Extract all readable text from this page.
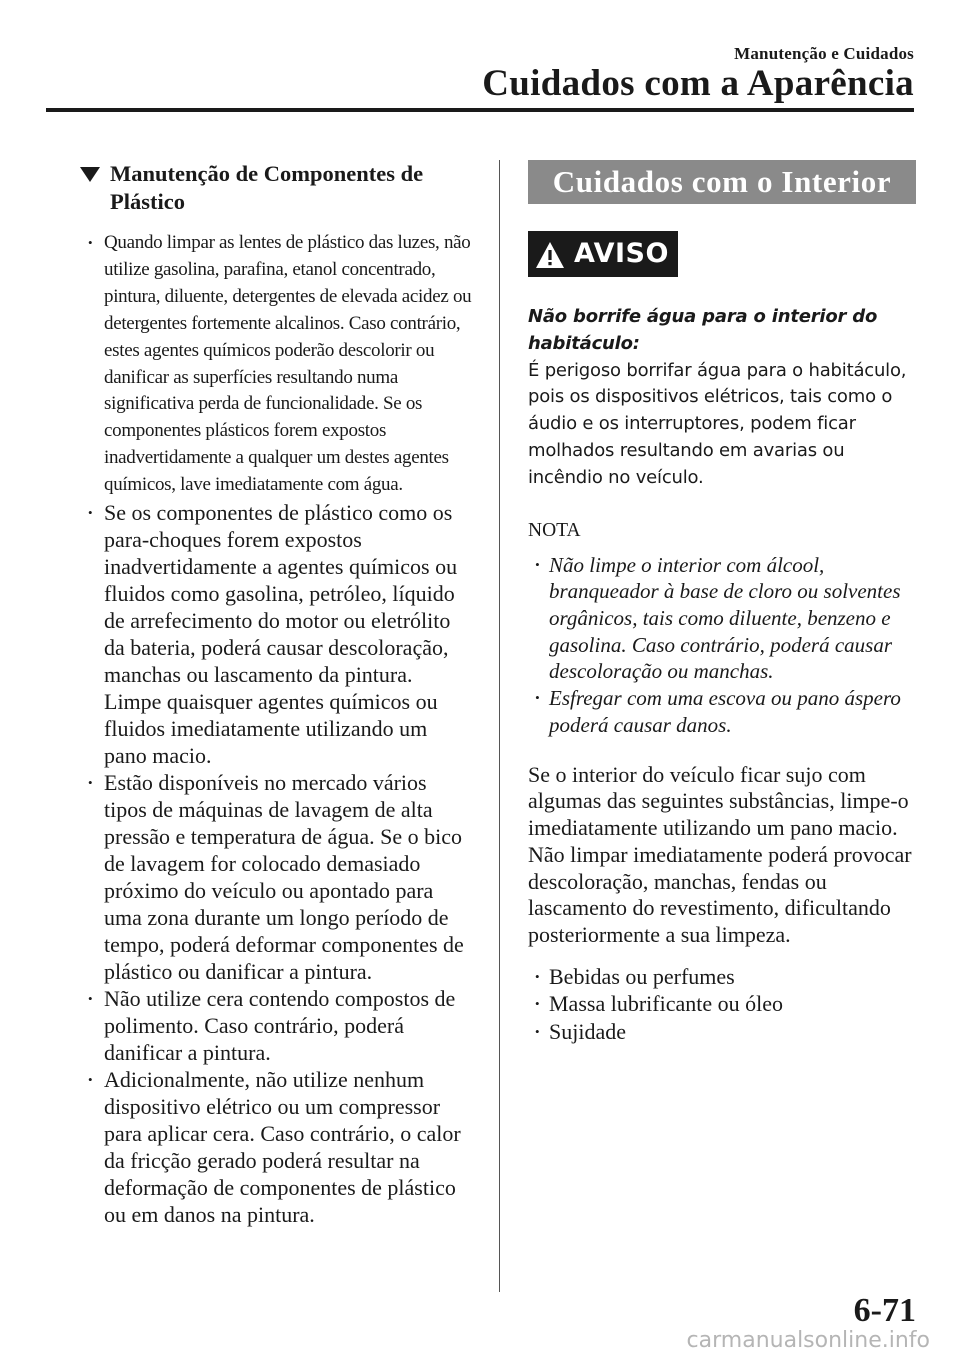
Manutenção e Cuidados
Cuidados com a Aparência
Manutenção de Componentes de Plástico
• Quando limpar as lentes de plástico das luzes, não utilize gasolina, parafina, etanol concentrado, pintura, diluente, detergentes de elevada acidez ou detergentes fortemente alcalinos. Caso contrário, estes agentes químicos poderão descolorir ou danificar as superfícies resultando numa significativa perda de funcionalidade. Se os componentes plásticos forem expostos inadvertidamente a qualquer um destes agentes químicos, lave imediatamente com água.
• Se os componentes de plástico como os para-choques forem expostos inadvertidamente a agentes químicos ou fluidos como gasolina, petróleo, líquido de arrefecimento do motor ou eletrólito da bateria, poderá causar descoloração, manchas ou lascamento da pintura. Limpe quaisquer agentes químicos ou fluidos imediatamente utilizando um pano macio.
• Estão disponíveis no mercado vários tipos de máquinas de lavagem de alta pressão e temperatura de água. Se o bico de lavagem for colocado demasiado próximo do veículo ou apontado para uma zona durante um longo período de tempo, poderá deformar componentes de plástico ou danificar a pintura.
• Não utilize cera contendo compostos de polimento. Caso contrário, poderá danificar a pintura.
• Adicionalmente, não utilize nenhum dispositivo elétrico ou um compressor para aplicar cera. Caso contrário, o calor da fricção gerado poderá resultar na deformação de componentes de plástico ou em danos na pintura.
Cuidados com o Interior
AVISO
Não borrife água para o interior do habitáculo:
É perigoso borrifar água para o habitáculo, pois os dispositivos elétricos, tais como o áudio e os interruptores, podem ficar molhados resultando em avarias ou incêndio no veículo.
NOTA
• Não limpe o interior com álcool, branqueador à base de cloro ou solventes orgânicos, tais como diluente, benzeno e gasolina. Caso contrário, poderá causar descoloração ou manchas.
• Esfregar com uma escova ou pano áspero poderá causar danos.
Se o interior do veículo ficar sujo com algumas das seguintes substâncias, limpe-o imediatamente utilizando um pano macio. Não limpar imediatamente poderá provocar descoloração, manchas, fendas ou lascamento do revestimento, dificultando posteriormente a sua limpeza.
• Bebidas ou perfumes
• Massa lubrificante ou óleo
• Sujidade
6-71
carmanualsonline.info
